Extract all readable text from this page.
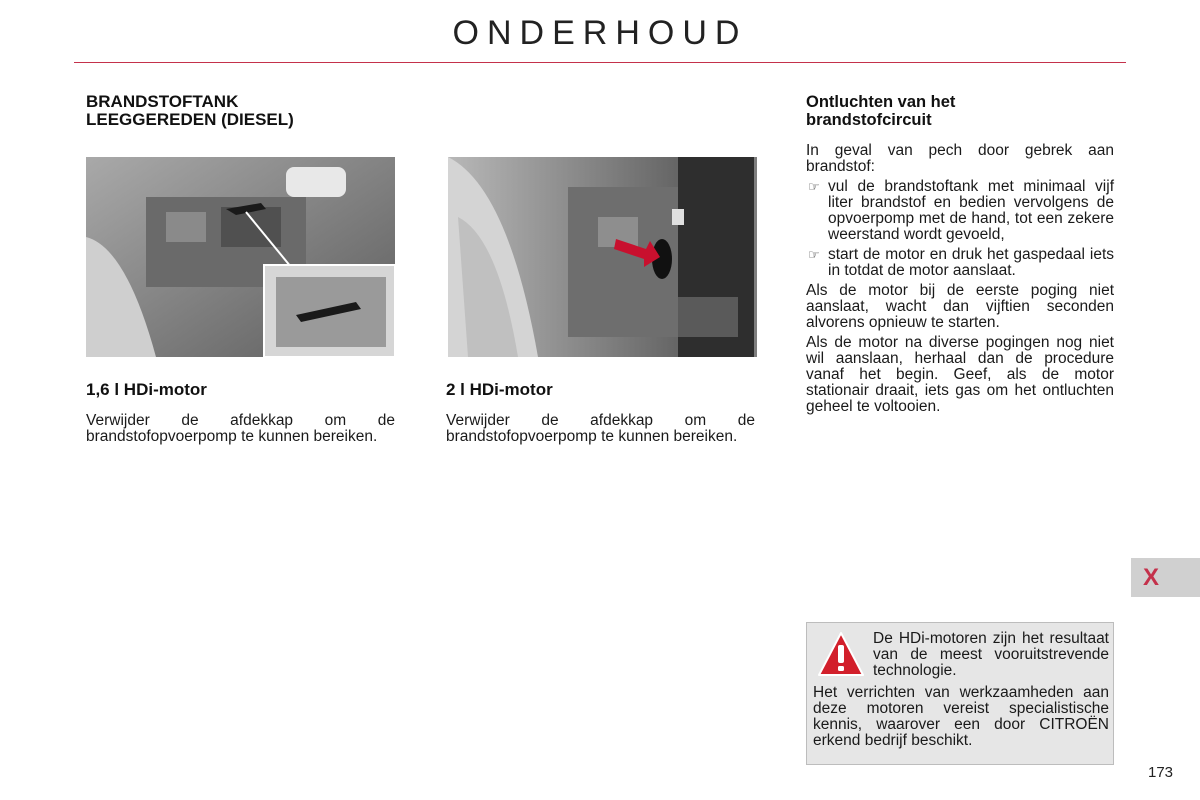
ONDERHOUD
BRANDSTOFTANK
LEEGGEREDEN (DIESEL)
1,6 l HDi-motor
Verwijder de afdekkap om de brandstofopvoerpomp te kunnen bereiken.
2 l HDi-motor
Verwijder de afdekkap om de brandstofopvoerpomp te kunnen bereiken.
Ontluchten van het
brandstofcircuit

In geval van pech door gebrek aan brandstof:

☞ vul de brandstoftank met minimaal vijf liter brandstof en bedien vervolgens de opvoerpomp met de hand, tot een zekere weerstand wordt gevoeld,
☞ start de motor en druk het gaspedaal iets in totdat de motor aanslaat.

Als de motor bij de eerste poging niet aanslaat, wacht dan vijftien seconden alvorens opnieuw te starten.

Als de motor na diverse pogingen nog niet wil aanslaan, herhaal dan de procedure vanaf het begin. Geef, als de motor stationair draait, iets gas om het ontluchten geheel te voltooien.

X
De HDi-motoren zijn het resultaat van de meest vooruitstrevende technologie.
Het verrichten van werkzaamheden aan deze motoren vereist specialistische kennis, waarover een door CITROËN erkend bedrijf beschikt.
173
